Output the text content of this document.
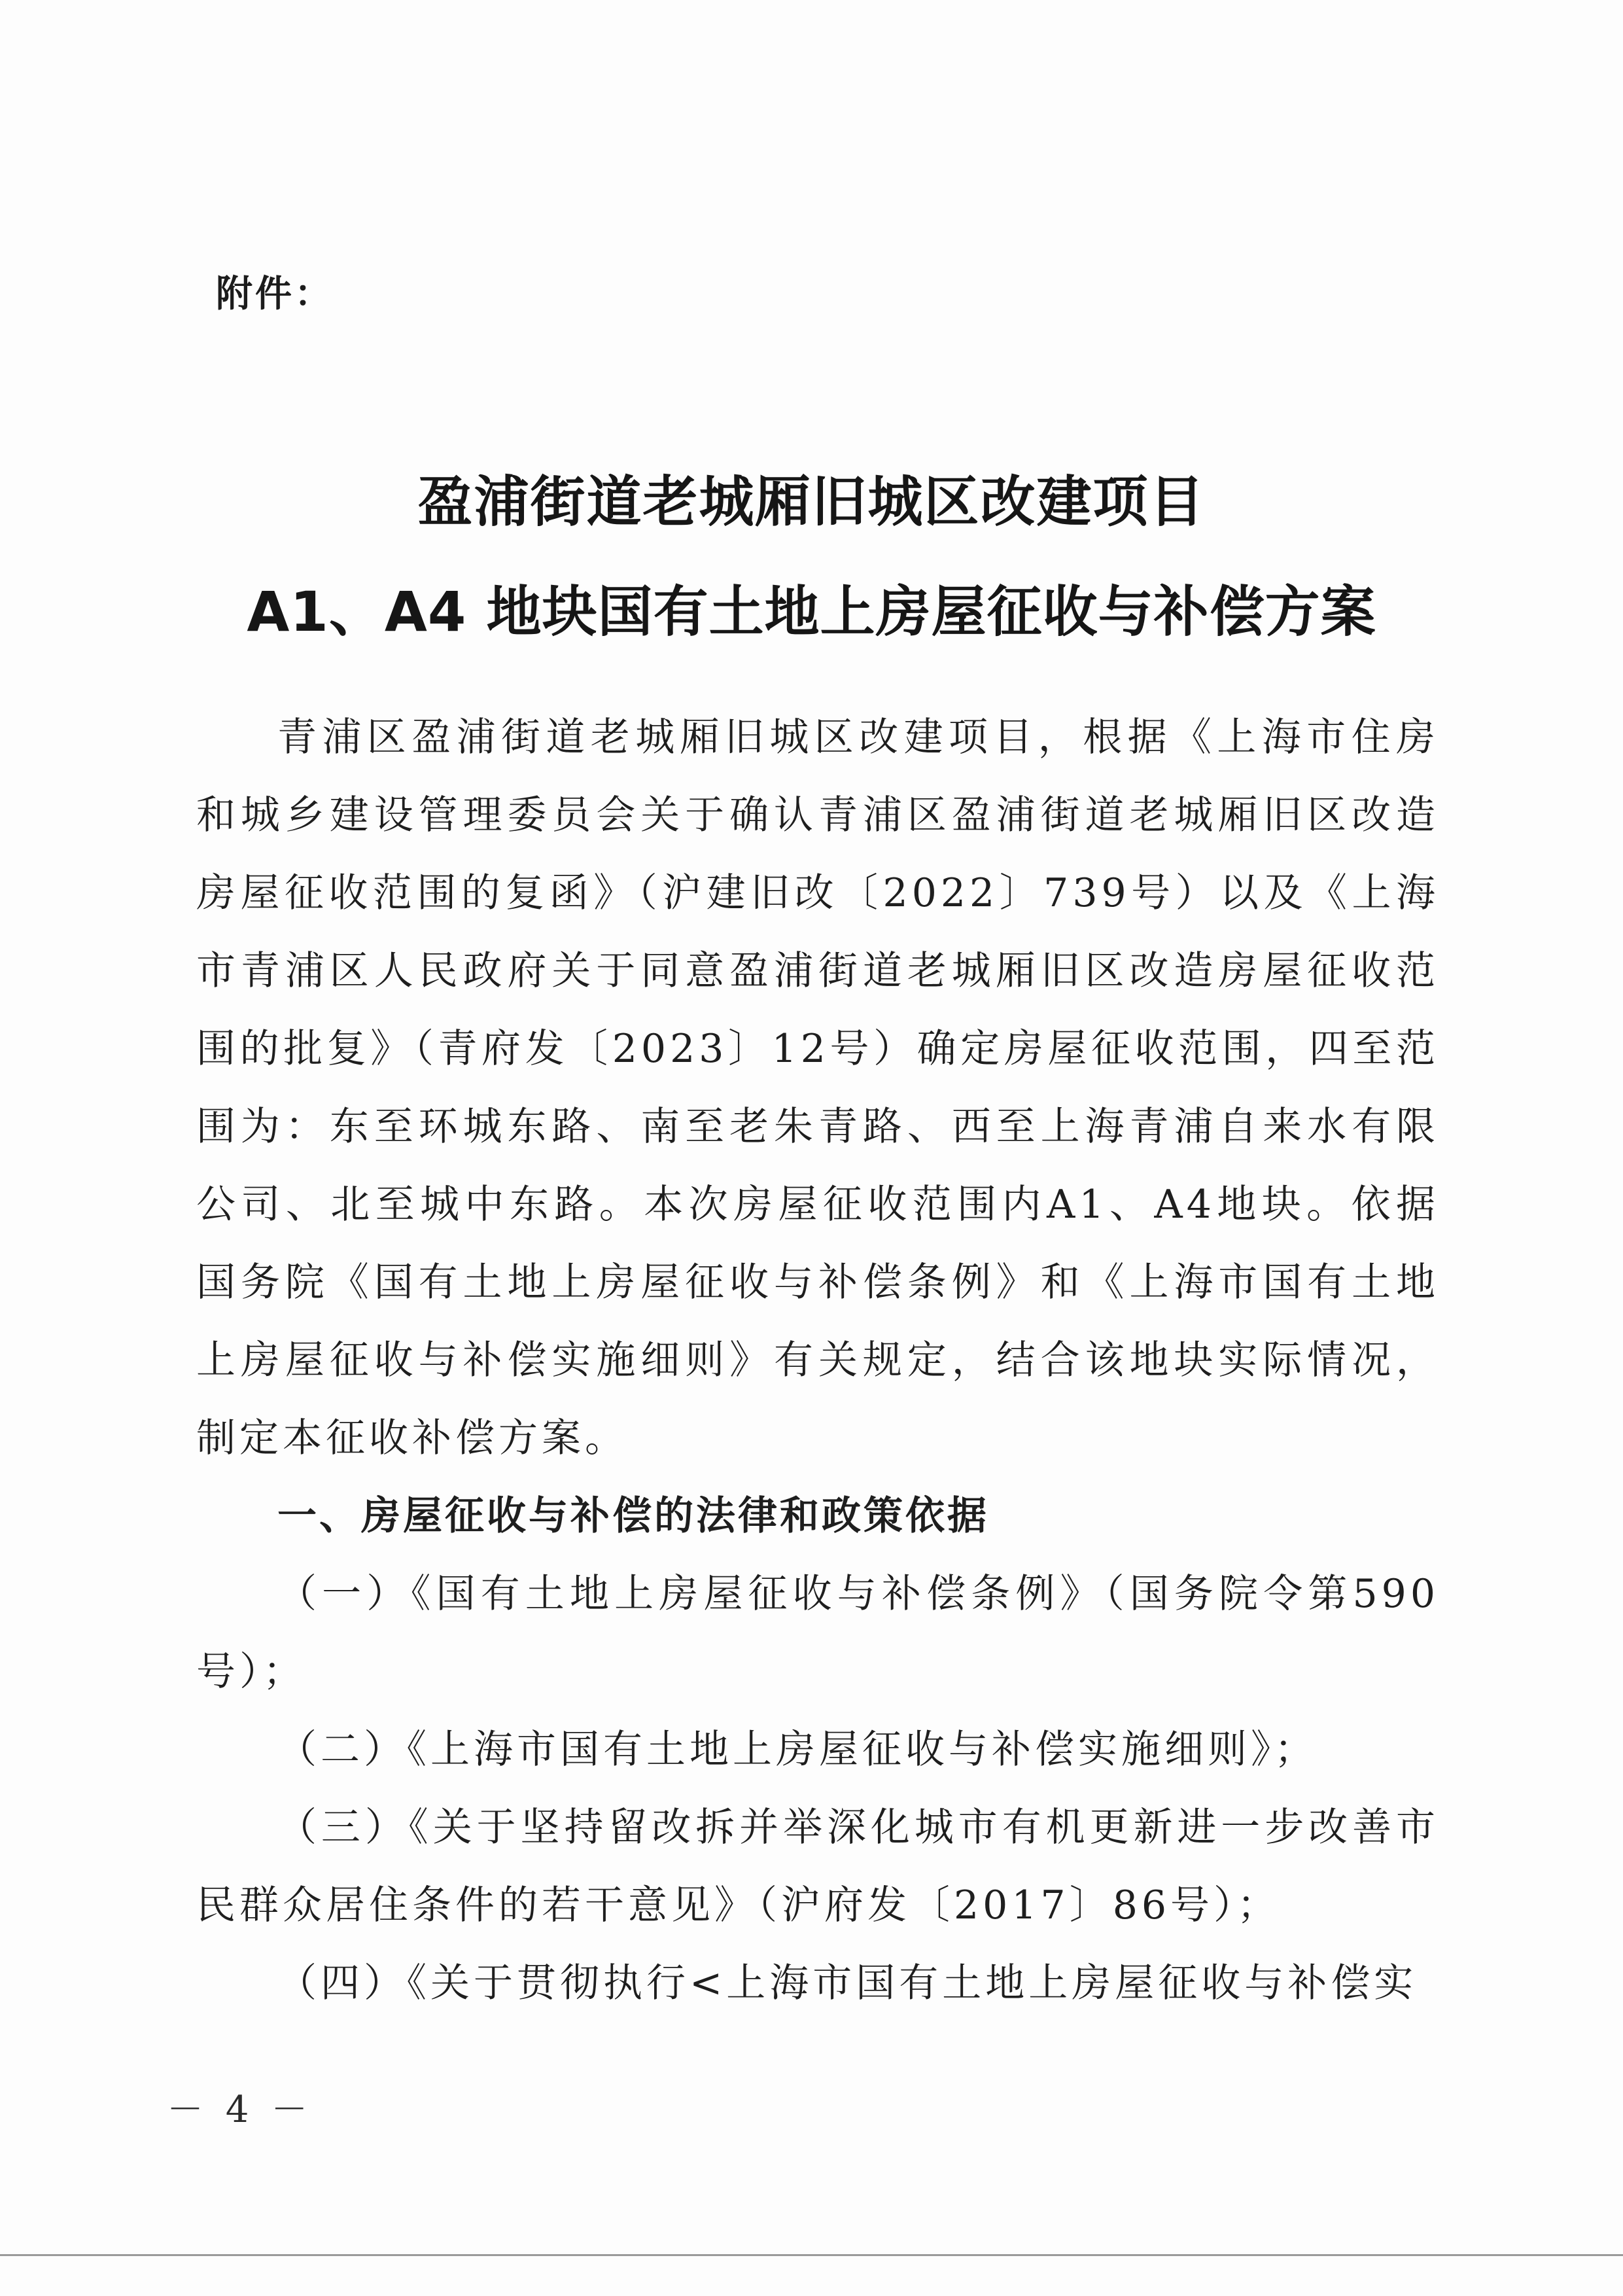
附件：
盈浦街道老城厢旧城区改建项目
A1、A4 地块国有土地上房屋征收与补偿方案

青浦区盈浦街道老城厢旧城区改建项目，根据《上海市住房和城乡建设管理委员会关于确认青浦区盈浦街道老城厢旧区改造房屋征收范围的复函》（沪建旧改〔2022〕739号）以及《上海市青浦区人民政府关于同意盈浦街道老城厢旧区改造房屋征收范围的批复》（青府发〔2023〕12号）确定房屋征收范围，四至范围为：东至环城东路、南至老朱青路、西至上海青浦自来水有限公司、北至城中东路。本次房屋征收范围内A1、A4地块。依据国务院《国有土地上房屋征收与补偿条例》和《上海市国有土地上房屋征收与补偿实施细则》有关规定，结合该地块实际情况，制定本征收补偿方案。

一、房屋征收与补偿的法律和政策依据

（一）《国有土地上房屋征收与补偿条例》（国务院令第590号）；

（二）《上海市国有土地上房屋征收与补偿实施细则》；

（三）《关于坚持留改拆并举深化城市有机更新进一步改善市民群众居住条件的若干意见》（沪府发〔2017〕86号）；

（四）《关于贯彻执行<上海市国有土地上房屋征收与补偿实

－ 4 －
